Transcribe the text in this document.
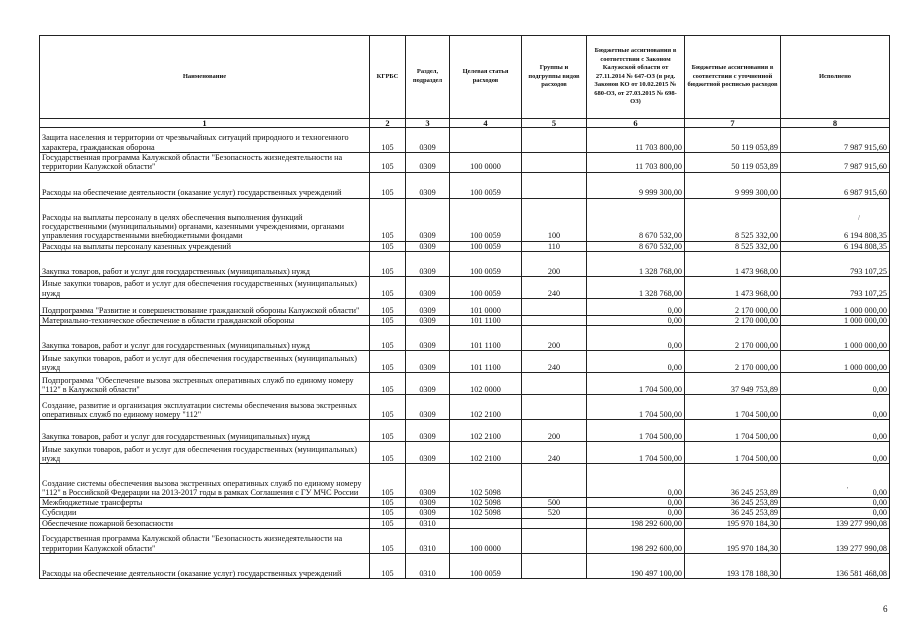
Наименование	КГРБС	Раздел, подраздел	Целевая статья расходов	Группы и подгруппы видов расходов	Бюджетные ассигнования в соответствии с Законом Калужской области от 27.11.2014 № 647-ОЗ (в ред. Законов КО от 10.02.2015 № 680-ОЗ, от 27.03.2015 № 698-ОЗ)	Бюджетные ассигнования в соответствии с уточненной бюджетной росписью расходов	Исполнено
1	2	3	4	5	6	7	8
Защита населения и территории от чрезвычайных ситуаций природного и техногенного характера, гражданская оборона	105	0309			11 703 800,00	50 119 053,89	7 987 915,60
Государственная программа Калужской области "Безопасность жизнедеятельности на территории Калужской области"	105	0309	100 0000		11 703 800,00	50 119 053,89	7 987 915,60
Расходы на обеспечение деятельности (оказание услуг) государственных учреждений	105	0309	100 0059		9 999 300,00	9 999 300,00	6 987 915,60
Расходы на выплаты персоналу в целях обеспечения выполнения функций государственными (муниципальными) органами, казенными учреждениями, органами управления государственными внебюджетными фондами	105	0309	100 0059	100	8 670 532,00	8 525 332,00	6 194 808,35
Расходы на выплаты персоналу казенных учреждений	105	0309	100 0059	110	8 670 532,00	8 525 332,00	6 194 808,35
Закупка товаров, работ и услуг для государственных (муниципальных) нужд	105	0309	100 0059	200	1 328 768,00	1 473 968,00	793 107,25
Иные закупки товаров, работ и услуг для обеспечения государственных (муниципальных) нужд	105	0309	100 0059	240	1 328 768,00	1 473 968,00	793 107,25
Подпрограмма "Развитие и совершенствование гражданской обороны Калужской области"	105	0309	101 0000		0,00	2 170 000,00	1 000 000,00
Материально-техническое обеспечение в области гражданской обороны	105	0309	101 1100		0,00	2 170 000,00	1 000 000,00
Закупка товаров, работ и услуг для государственных (муниципальных) нужд	105	0309	101 1100	200	0,00	2 170 000,00	1 000 000,00
Иные закупки товаров, работ и услуг для обеспечения государственных (муниципальных) нужд	105	0309	101 1100	240	0,00	2 170 000,00	1 000 000,00
Подпрограмма "Обеспечение вызова экстренных оперативных служб по единому номеру "112" в Калужской области"	105	0309	102 0000		1 704 500,00	37 949 753,89	0,00
Создание, развитие и организация эксплуатации системы обеспечения вызова экстренных оперативных служб по единому номеру "112"	105	0309	102 2100		1 704 500,00	1 704 500,00	0,00
Закупка товаров, работ и услуг для государственных (муниципальных) нужд	105	0309	102 2100	200	1 704 500,00	1 704 500,00	0,00
Иные закупки товаров, работ и услуг для обеспечения государственных (муниципальных) нужд	105	0309	102 2100	240	1 704 500,00	1 704 500,00	0,00
Создание системы обеспечения вызова экстренных оперативных служб по единому номеру "112" в Российской Федерации на 2013-2017 годы в рамках Соглашения с ГУ МЧС России	105	0309	102 5098		0,00	36 245 253,89	0,00
Межбюджетные трансферты	105	0309	102 5098	500	0,00	36 245 253,89	0,00
Субсидии	105	0309	102 5098	520	0,00	36 245 253,89	0,00
Обеспечение пожарной безопасности	105	0310			198 292 600,00	195 970 184,30	139 277 990,08
Государственная программа Калужской области "Безопасность жизнедеятельности на территории Калужской области"	105	0310	100 0000		198 292 600,00	195 970 184,30	139 277 990,08
Расходы на обеспечение деятельности (оказание услуг) государственных учреждений	105	0310	100 0059		190 497 100,00	193 178 188,30	136 581 468,08
/
'
6
